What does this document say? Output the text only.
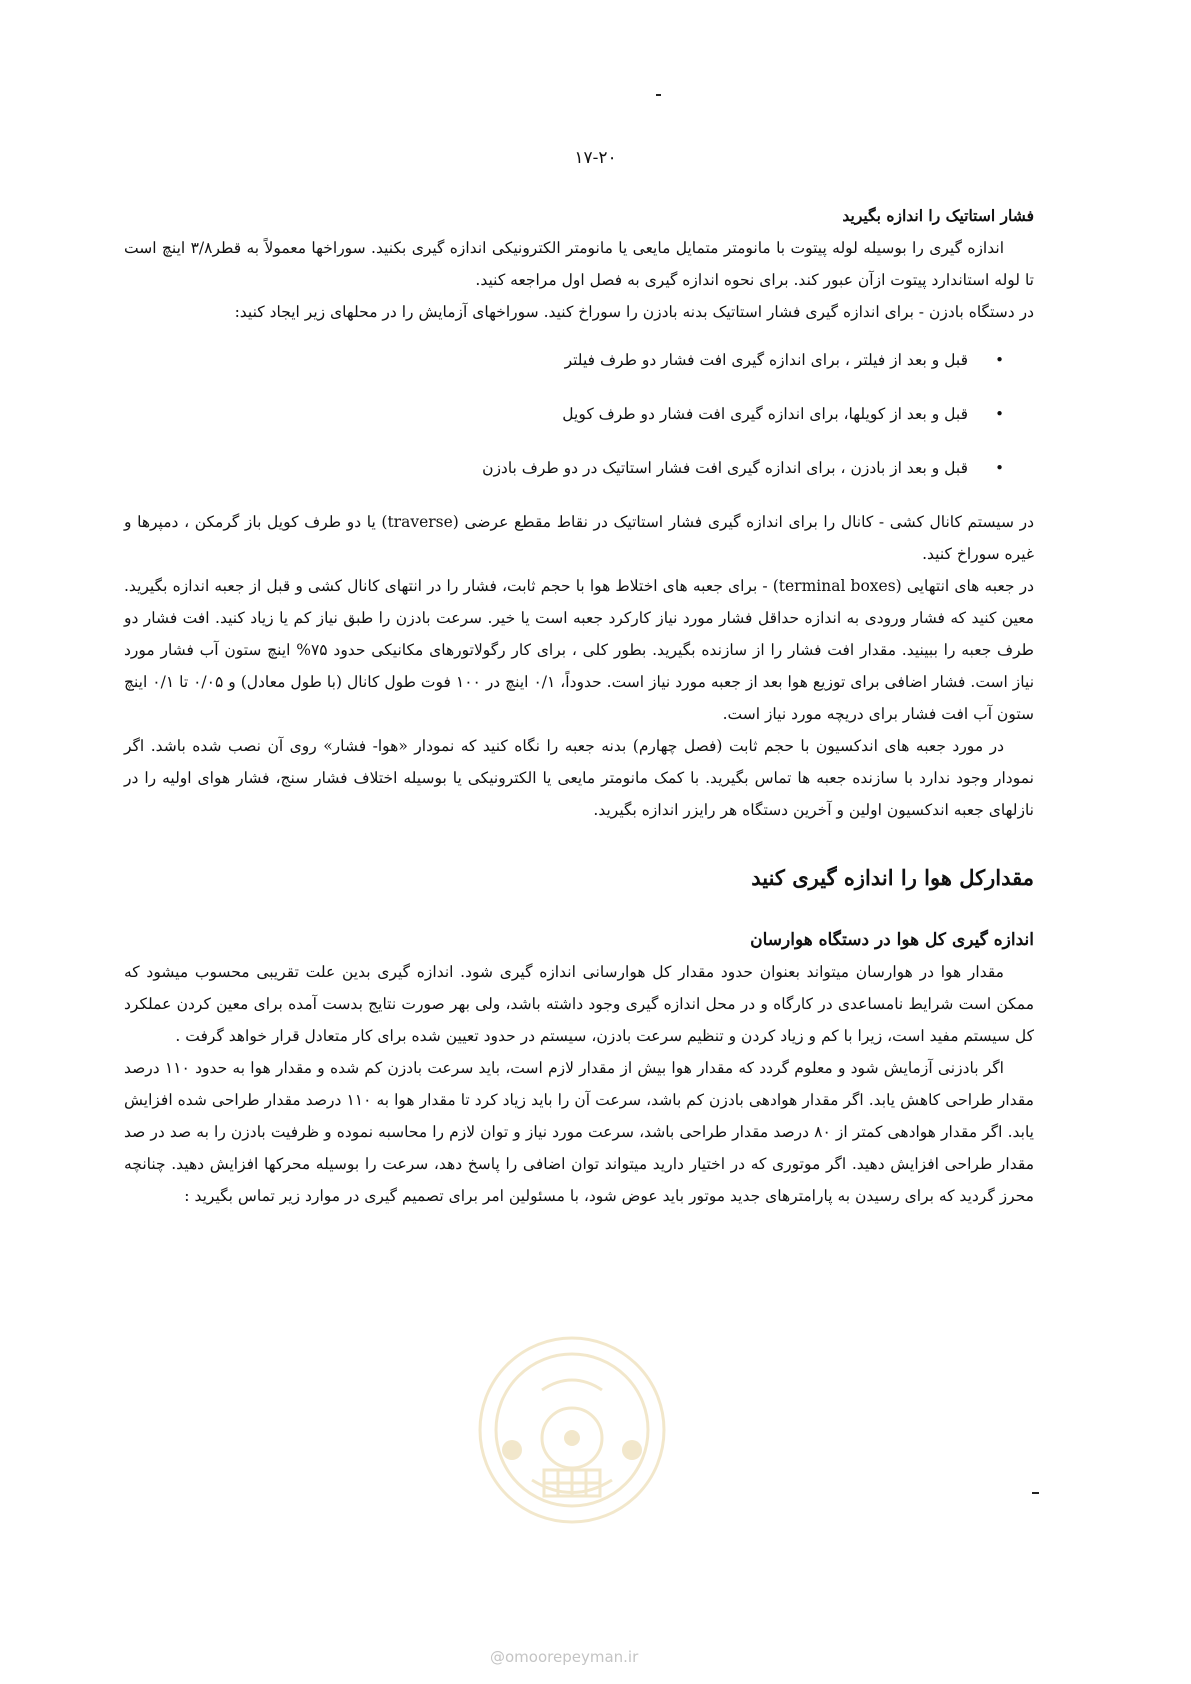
۱۷-۲۰

فشار استاتیک را اندازه بگیرید

اندازه گیری را بوسیله لوله پیتوت با مانومتر متمایل مایعی یا مانومتر الکترونیکی اندازه گیری بکنید. سوراخها معمولاً به قطر۳/۸ اینچ است تا لوله استاندارد پیتوت ازآن عبور کند. برای نحوه اندازه گیری به فصل اول مراجعه کنید.

در دستگاه بادزن - برای اندازه گیری فشار استاتیک بدنه بادزن را سوراخ کنید. سوراخهای آزمایش را در محلهای زیر ایجاد کنید:

•
قبل و بعد از فیلتر ، برای اندازه گیری افت فشار دو طرف فیلتر
•
قبل و بعد از کویلها، برای اندازه گیری افت فشار دو طرف کویل
•
قبل و بعد از بادزن ، برای اندازه گیری افت فشار استاتیک در دو طرف بادزن

در سیستم کانال کشی - کانال را برای اندازه گیری فشار استاتیک در نقاط مقطع عرضی (traverse) یا دو طرف کویل باز گرمکن ، دمپرها و غیره سوراخ کنید.

در جعبه های انتهایی (terminal boxes) - برای جعبه های اختلاط هوا با حجم ثابت، فشار را در انتهای کانال کشی و قبل از جعبه اندازه بگیرید. معین کنید که فشار ورودی به اندازه حداقل فشار مورد نیاز کارکرد جعبه است یا خیر. سرعت بادزن را طبق نیاز کم یا زیاد کنید. افت فشار دو طرف جعبه را ببینید. مقدار افت فشار را از سازنده بگیرید. بطور کلی ، برای کار رگولاتورهای مکانیکی حدود ۷۵% اینچ ستون آب فشار مورد نیاز است. فشار اضافی برای توزیع هوا بعد از جعبه مورد نیاز است. حدوداً، ۰/۱ اینچ در ۱۰۰ فوت طول کانال (با طول معادل) و ۰/۰۵ تا ۰/۱ اینچ ستون آب افت فشار برای دریچه مورد نیاز است.

در مورد جعبه های اندکسیون با حجم ثابت (فصل چهارم) بدنه جعبه را نگاه کنید که نمودار «هوا- فشار» روی آن نصب شده باشد. اگر نمودار وجود ندارد با سازنده جعبه ها تماس بگیرید. با کمک مانومتر مایعی یا الکترونیکی یا بوسیله اختلاف فشار سنج، فشار هوای اولیه را در نازلهای جعبه اندکسیون اولین و آخرین دستگاه هر رایزر اندازه بگیرید.

مقدارکل هوا را اندازه گیری کنید

اندازه گیری کل هوا در دستگاه هوارسان

مقدار هوا در هوارسان میتواند بعنوان حدود مقدار کل هوارسانی اندازه گیری شود. اندازه گیری بدین علت تقریبی محسوب میشود که ممکن است شرایط نامساعدی در کارگاه و در محل اندازه گیری وجود داشته باشد، ولی بهر صورت نتایج بدست آمده برای معین کردن عملکرد کل سیستم مفید است، زیرا با کم و زیاد کردن و تنظیم سرعت بادزن، سیستم در حدود تعیین شده برای کار متعادل قرار خواهد گرفت .

اگر بادزنی آزمایش شود و معلوم گردد که مقدار هوا بیش از مقدار لازم است، باید سرعت بادزن کم شده و مقدار هوا به حدود ۱۱۰ درصد مقدار طراحی کاهش یابد. اگر مقدار هوادهی بادزن کم باشد، سرعت آن را باید زیاد کرد تا مقدار هوا به ۱۱۰ درصد مقدار طراحی شده افزایش یابد. اگر مقدار هوادهی کمتر از ۸۰ درصد مقدار طراحی باشد، سرعت مورد نیاز و توان لازم را محاسبه نموده و ظرفیت بادزن را به صد در صد مقدار طراحی افزایش دهید. اگر موتوری که در اختیار دارید میتواند توان اضافی را پاسخ دهد، سرعت را بوسیله محرکها افزایش دهید. چنانچه محرز گردید که برای رسیدن به پارامترهای جدید موتور باید عوض شود، با مسئولین امر برای تصمیم گیری در موارد زیر تماس بگیرید :

@omoorepeyman.ir
